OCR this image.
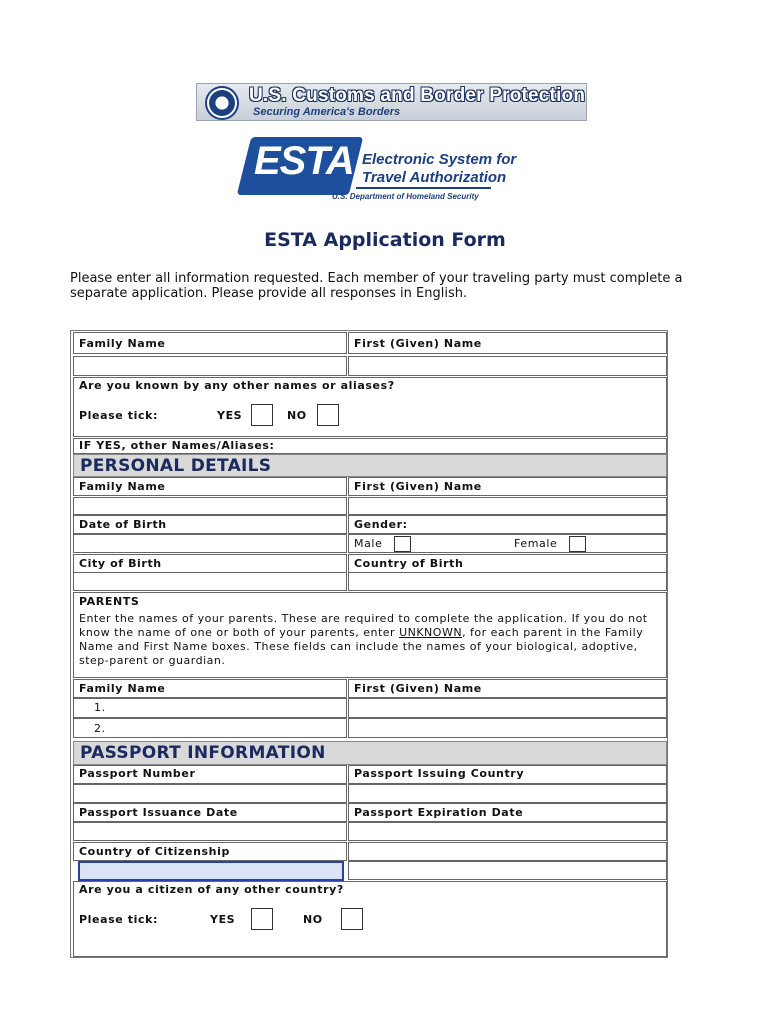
U.S. Customs and Border Protection
Securing America's Borders
ESTA Electronic System for
Travel Authorization
U.S. Department of Homeland Security
ESTA Application Form
Please enter all information requested. Each member of your traveling party must complete a separate application. Please provide all responses in English.
Family Name	First (Given) Name
Are you known by any other names or aliases?
Please tick:	YES	NO
IF YES, other Names/Aliases:
PERSONAL DETAILS
Family Name	First (Given) Name
Date of Birth	Gender:
Male	Female
City of Birth	Country of Birth
PARENTS
Enter the names of your parents. These are required to complete the application. If you do not know the name of one or both of your parents, enter UNKNOWN, for each parent in the Family Name and First Name boxes. These fields can include the names of your biological, adoptive, step-parent or guardian.
Family Name	First (Given) Name
1.
2.
PASSPORT INFORMATION
Passport Number	Passport Issuing Country
Passport Issuance Date	Passport Expiration Date
Country of Citizenship
Are you a citizen of any other country?
Please tick:	YES	NO
